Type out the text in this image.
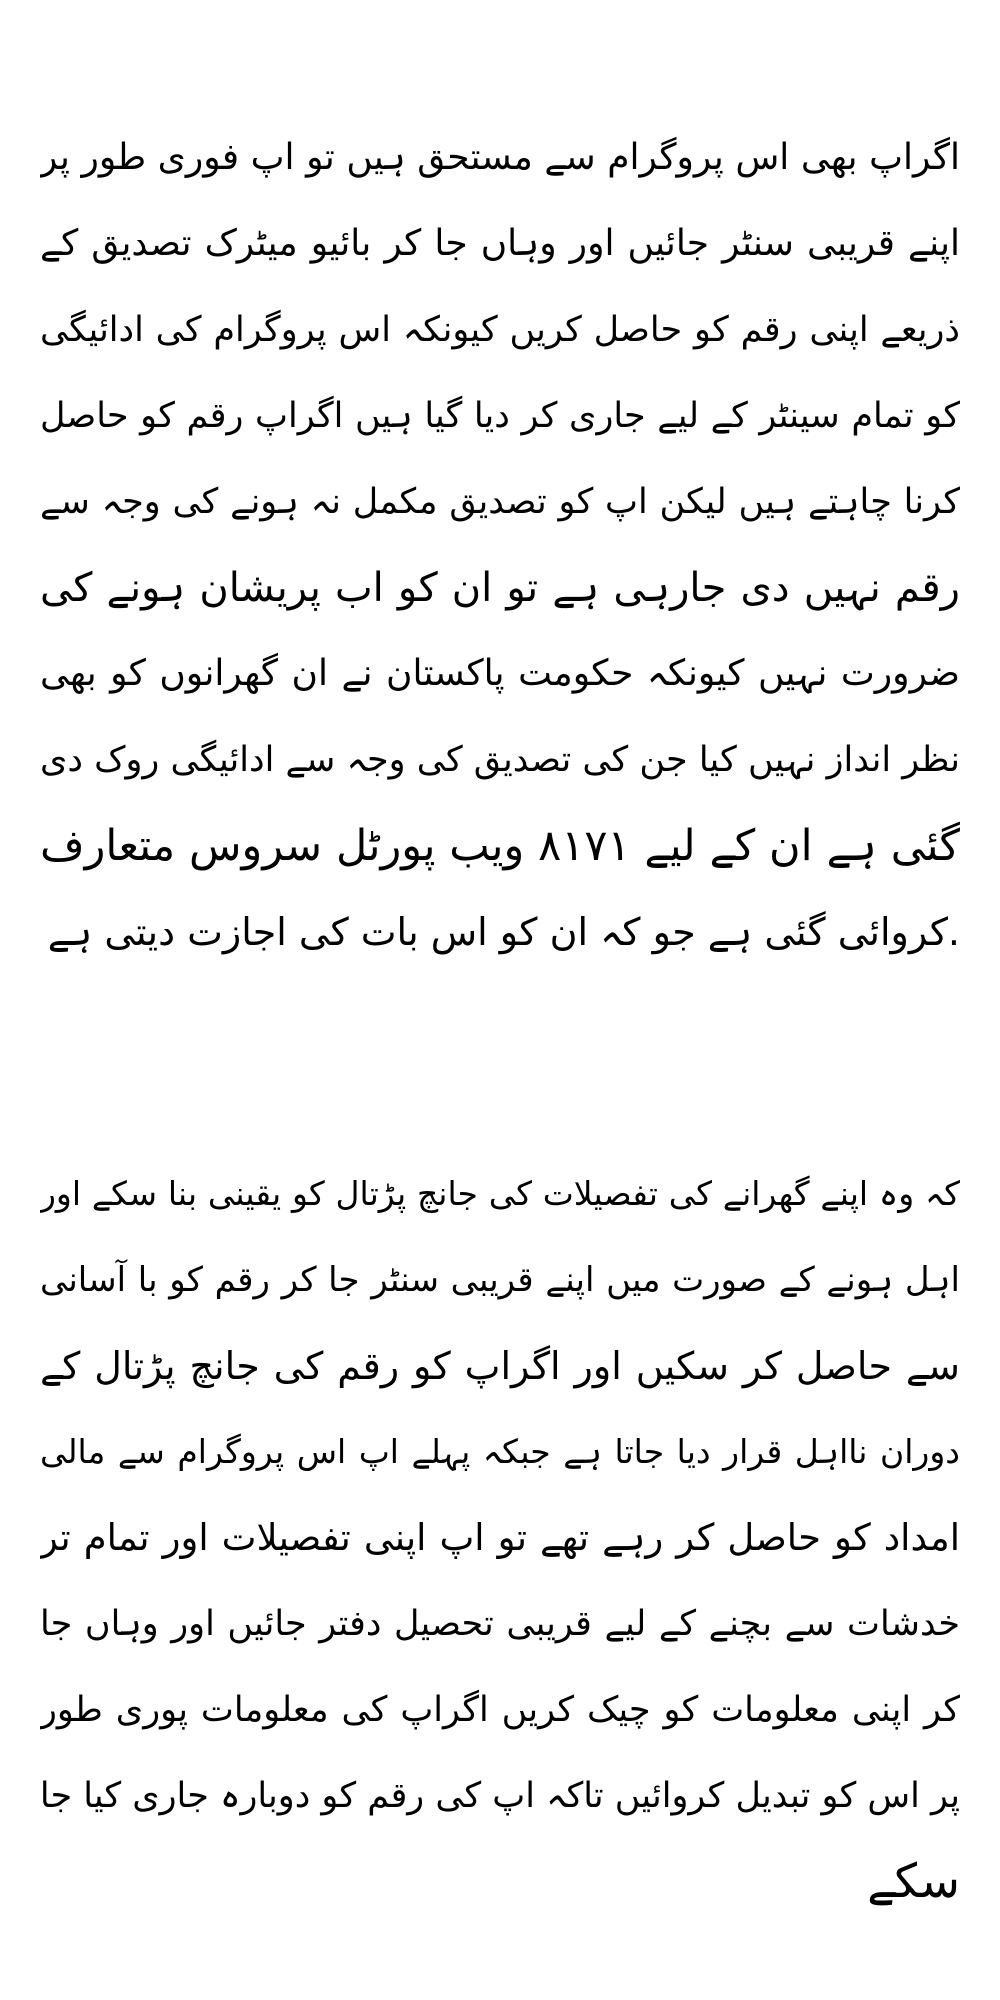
اگراپ بھی اس پروگرام سے مستحق ہیں تو اپ فوری طور پر
اپنے قریبی سنٹر جائیں اور وہاں جا کر بائیو میٹرک تصدیق کے
ذریعے اپنی رقم کو حاصل کریں کیونکہ اس پروگرام کی ادائیگی
کو تمام سینٹر کے لیے جاری کر دیا گیا ہیں اگراپ رقم کو حاصل
کرنا چاہتے ہیں لیکن اپ کو تصدیق مکمل نہ ہونے کی وجہ سے
رقم نہیں دی جارہی ہے تو ان کو اب پریشان ہونے کی
ضرورت نہیں کیونکہ حکومت پاکستان نے ان گھرانوں کو بھی
نظر انداز نہیں کیا جن کی تصدیق کی وجہ سے ادائیگی روک دی
گئی ہے ان کے لیے ۸۱۷۱ ویب پورٹل سروس متعارف
.کروائی گئی ہے جو کہ ان کو اس بات کی اجازت دیتی ہے
کہ وہ اپنے گھرانے کی تفصیلات کی جانچ پڑتال کو یقینی بنا سکے اور
اہل ہونے کے صورت میں اپنے قریبی سنٹر جا کر رقم کو با آسانی
سے حاصل کر سکیں اور اگراپ کو رقم کی جانچ پڑتال کے
دوران نااہل قرار دیا جاتا ہے جبکہ پہلے اپ اس پروگرام سے مالی
امداد کو حاصل کر رہے تھے تو اپ اپنی تفصیلات اور تمام تر
خدشات سے بچنے کے لیے قریبی تحصیل دفتر جائیں اور وہاں جا
کر اپنی معلومات کو چیک کریں اگراپ کی معلومات پوری طور
پر اس کو تبدیل کروائیں تاکہ اپ کی رقم کو دوبارہ جاری کیا جا
سکے
